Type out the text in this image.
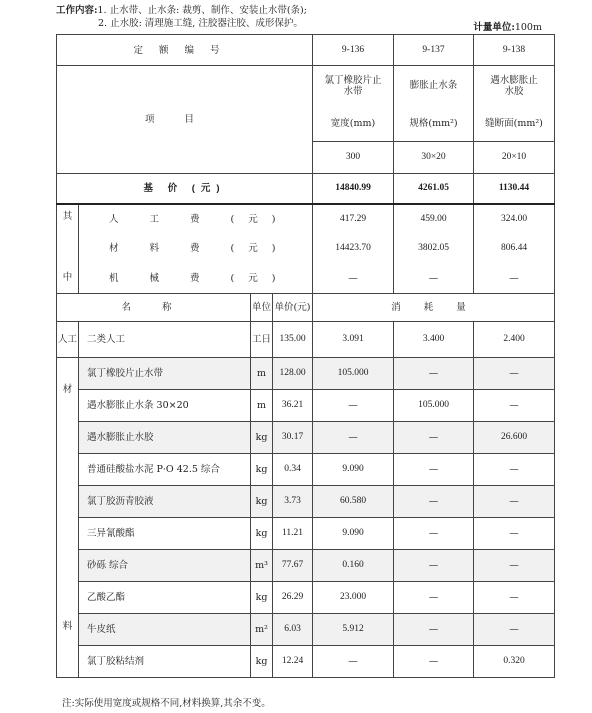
工作内容:1. 止水带、止水条: 裁剪、制作、安装止水带(条);
2. 止水胶: 清理施工缝, 注胶器注胶、成形保护。	计量单位:100m
定额编号				9-136	9-137	9-138
项目				氯丁橡胶片止水带	膨胀止水条	遇水膨胀止水胶
				宽度(mm)	规格(mm²)	缝断面(mm²)
				300	30×20	20×10
基 价 (元)				14840.99	4261.05	1130.44

其
中	人 工 费 (元)			417.29	459.00	324.00
	材 料 费 (元)			14423.70	3802.05	806.44
	机 械 费 (元)			—	—	—
名 称		单位	单价(元)	消 耗 量		
人工	二类人工	工日	135.00	3.091	3.400	2.400

材
料	氯丁橡胶片止水带	m	128.00	105.000	—	—
	遇水膨胀止水条 30×20	m	36.21	—	105.000	—
	遇水膨胀止水胶	kg	30.17	—	—	26.600
	普通硅酸盐水泥 P·O 42.5 综合	kg	0.34	9.090	—	—
	氯丁胶沥青胶液	kg	3.73	60.580	—	—
	三异氰酸酯	kg	11.21	9.090	—	—
	砂砾 综合	m³	77.67	0.160	—	—
	乙酸乙酯	kg	26.29	23.000	—	—
	牛皮纸	m²	6.03	5.912	—	—
	氯丁胶粘结剂	kg	12.24	—	—	0.320
注:实际使用宽度或规格不同,材料换算,其余不变。
